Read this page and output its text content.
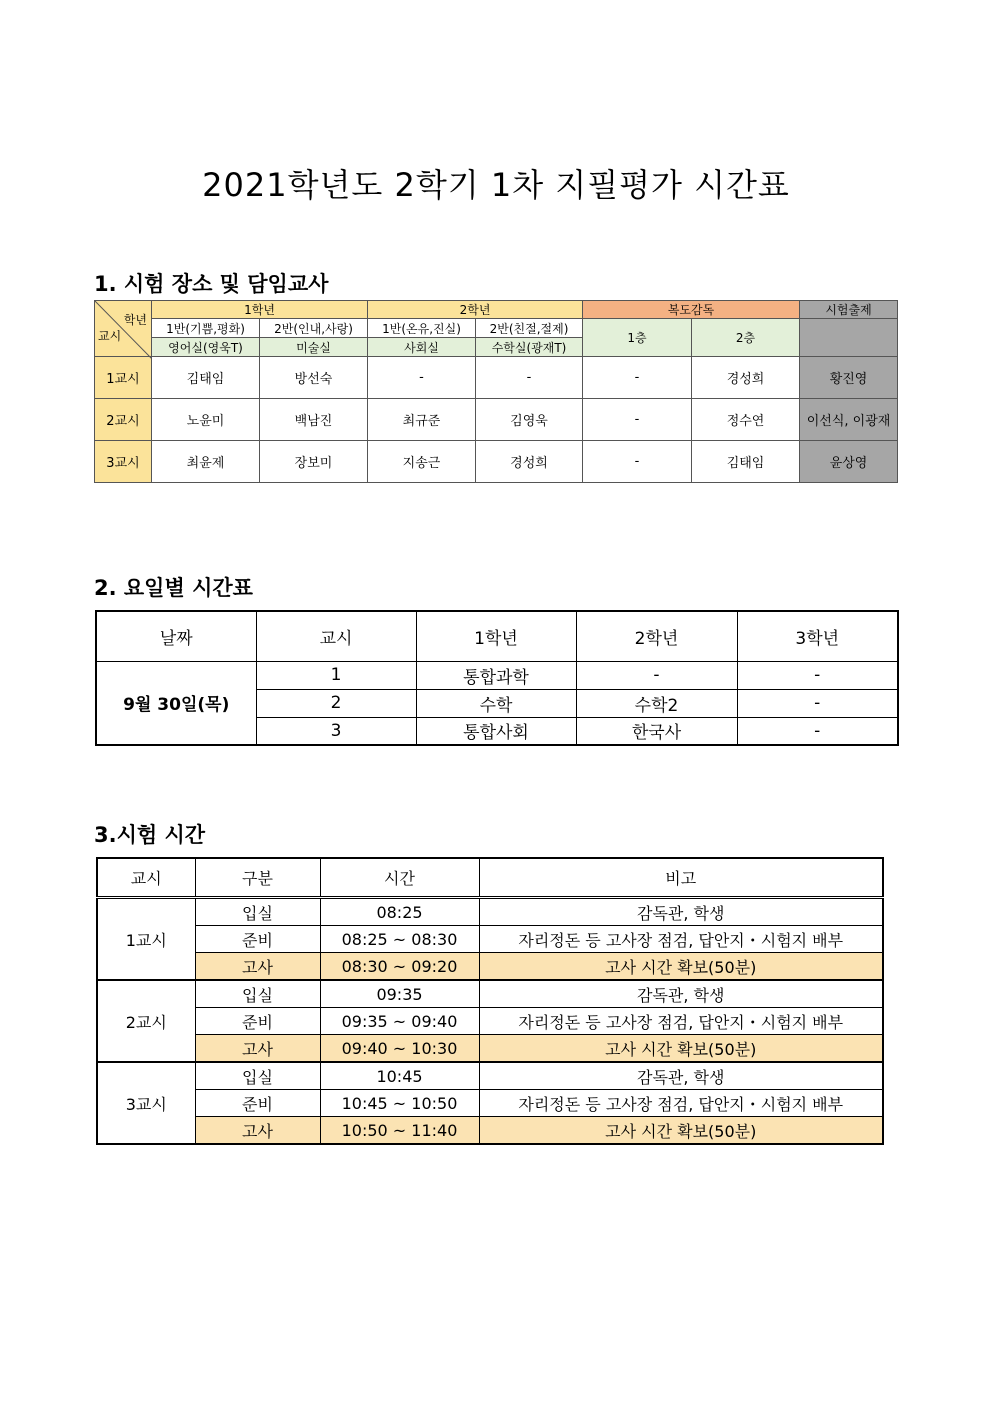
2021학년도 2학기 1차 지필평가 시간표
1. 시험 장소 및 담임교사
학년
교시	1학년		2학년		복도감독		시험출제
	1반(기쁨,평화)	2반(인내,사랑)	1반(온유,진실)	2반(친절,절제)	1층	2층	
	영어실(영욱T)	미술실	사회실	수학실(광재T)			
1교시	김태임	방선숙	-	-	-	경성희	황진영
2교시	노윤미	백남진	최규준	김영욱	-	정수연	이선식, 이광재
3교시	최윤제	장보미	지송근	경성희	-	김태임	윤상영
2. 요일별 시간표
날짜	교시	1학년	2학년	3학년
9월 30일(목)	1	통합과학	-	-
	2	수학	수학2	-
	3	통합사회	한국사	-
3.시험 시간
교시	구분	시간	비고
1교시	입실	08:25	감독관, 학생
	준비	08:25 ~ 08:30	자리정돈 등 고사장 점검, 답안지・시험지 배부
	고사	08:30 ~ 09:20	고사 시간 확보(50분)
2교시	입실	09:35	감독관, 학생
	준비	09:35 ~ 09:40	자리정돈 등 고사장 점검, 답안지・시험지 배부
	고사	09:40 ~ 10:30	고사 시간 확보(50분)
3교시	입실	10:45	감독관, 학생
	준비	10:45 ~ 10:50	자리정돈 등 고사장 점검, 답안지・시험지 배부
	고사	10:50 ~ 11:40	고사 시간 확보(50분)
